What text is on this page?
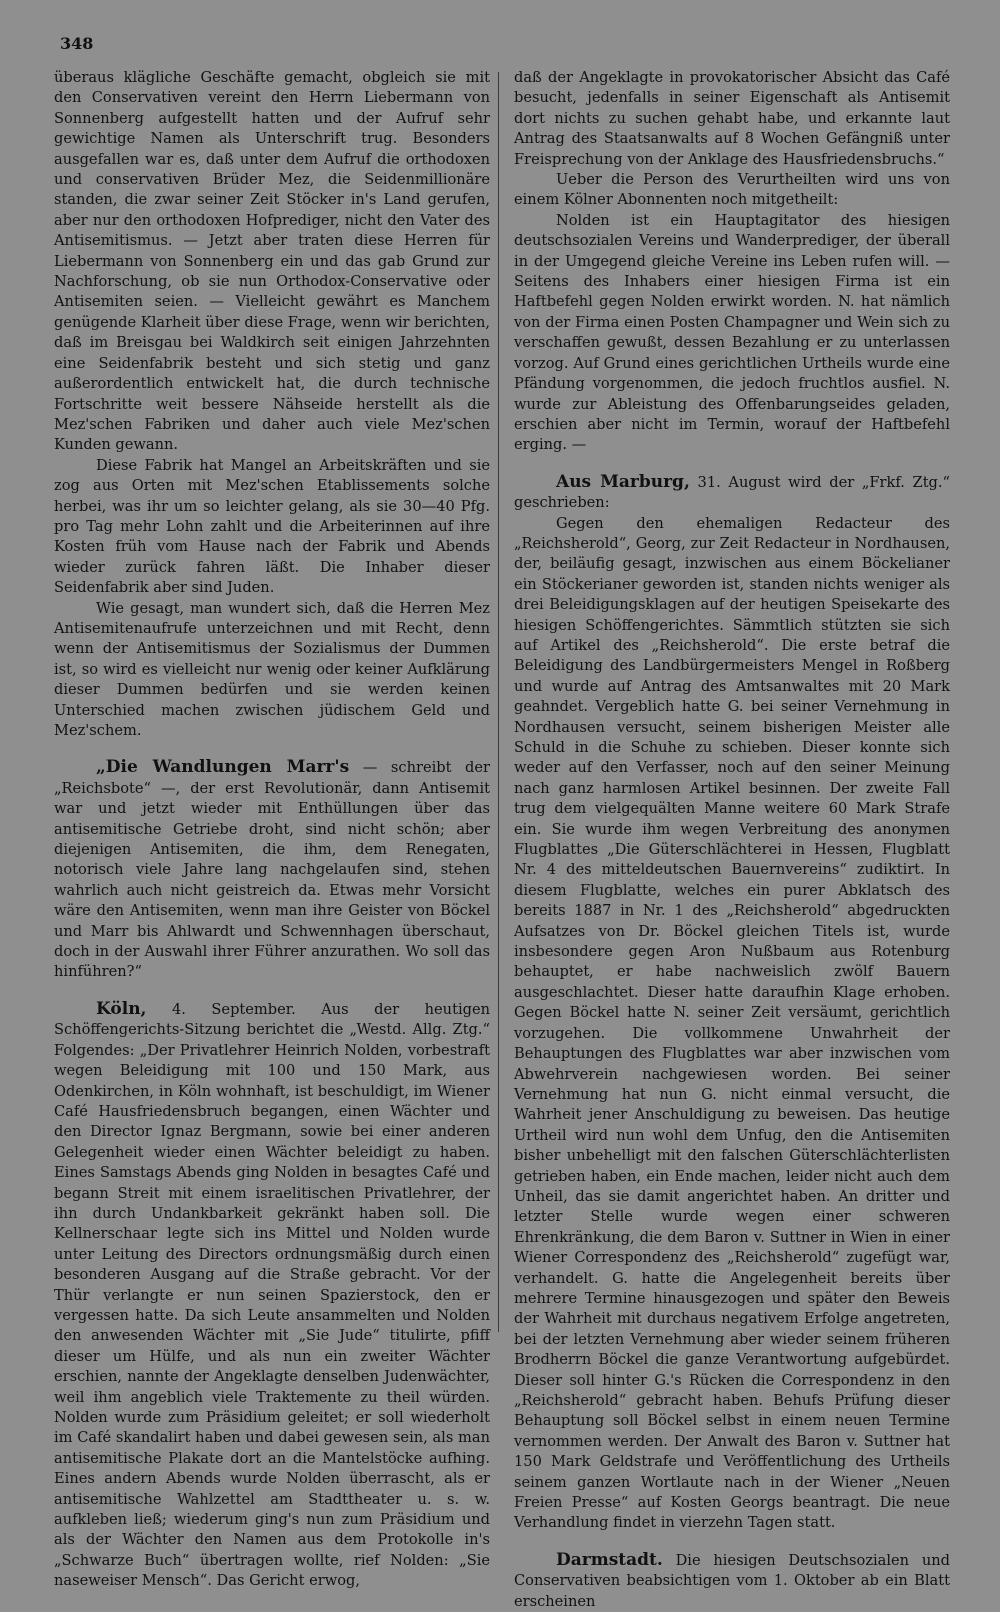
348

überaus klägliche Geschäfte gemacht, obgleich sie mit den Conservativen vereint den Herrn Liebermann von Sonnenberg aufgestellt hatten und der Aufruf sehr gewichtige Namen als Unterschrift trug. Besonders ausgefallen war es, daß unter dem Aufruf die orthodoxen und conservativen Brüder Mez, die Seidenmillionäre standen, die zwar seiner Zeit Stöcker in's Land gerufen, aber nur den orthodoxen Hofprediger, nicht den Vater des Antisemitismus. — Jetzt aber traten diese Herren für Liebermann von Sonnenberg ein und das gab Grund zur Nachforschung, ob sie nun Orthodox-Conservative oder Antisemiten seien. — Vielleicht gewährt es Manchem genügende Klarheit über diese Frage, wenn wir berichten, daß im Breisgau bei Waldkirch seit einigen Jahrzehnten eine Seidenfabrik besteht und sich stetig und ganz außerordentlich entwickelt hat, die durch technische Fortschritte weit bessere Nähseide herstellt als die Mez'schen Fabriken und daher auch viele Mez'schen Kunden gewann.

Diese Fabrik hat Mangel an Arbeitskräften und sie zog aus Orten mit Mez'schen Etablissements solche herbei, was ihr um so leichter gelang, als sie 30—40 Pfg. pro Tag mehr Lohn zahlt und die Arbeiterinnen auf ihre Kosten früh vom Hause nach der Fabrik und Abends wieder zurück fahren läßt. Die Inhaber dieser Seidenfabrik aber sind Juden.

Wie gesagt, man wundert sich, daß die Herren Mez Antisemitenaufrufe unterzeichnen und mit Recht, denn wenn der Antisemitismus der Sozialismus der Dummen ist, so wird es vielleicht nur wenig oder keiner Aufklärung dieser Dummen bedürfen und sie werden keinen Unterschied machen zwischen jüdischem Geld und Mez'schem.

„Die Wandlungen Marr's — schreibt der „Reichsbote“ —, der erst Revolutionär, dann Antisemit war und jetzt wieder mit Enthüllungen über das antisemitische Getriebe droht, sind nicht schön; aber diejenigen Antisemiten, die ihm, dem Renegaten, notorisch viele Jahre lang nachgelaufen sind, stehen wahrlich auch nicht geistreich da. Etwas mehr Vorsicht wäre den Antisemiten, wenn man ihre Geister von Böckel und Marr bis Ahlwardt und Schwennhagen überschaut, doch in der Auswahl ihrer Führer anzurathen. Wo soll das hinführen?“

Köln, 4. September. Aus der heutigen Schöffengerichts-Sitzung berichtet die „Westd. Allg. Ztg.“ Folgendes: „Der Privatlehrer Heinrich Nolden, vorbestraft wegen Beleidigung mit 100 und 150 Mark, aus Odenkirchen, in Köln wohnhaft, ist beschuldigt, im Wiener Café Hausfriedensbruch begangen, einen Wächter und den Director Ignaz Bergmann, sowie bei einer anderen Gelegenheit wieder einen Wächter beleidigt zu haben. Eines Samstags Abends ging Nolden in besagtes Café und begann Streit mit einem israelitischen Privatlehrer, der ihn durch Undankbarkeit gekränkt haben soll. Die Kellnerschaar legte sich ins Mittel und Nolden wurde unter Leitung des Directors ordnungsmäßig durch einen besonderen Ausgang auf die Straße gebracht. Vor der Thür verlangte er nun seinen Spazierstock, den er vergessen hatte. Da sich Leute ansammelten und Nolden den anwesenden Wächter mit „Sie Jude“ titulirte, pfiff dieser um Hülfe, und als nun ein zweiter Wächter erschien, nannte der Angeklagte denselben Judenwächter, weil ihm angeblich viele Traktemente zu theil würden. Nolden wurde zum Präsidium geleitet; er soll wiederholt im Café skandalirt haben und dabei gewesen sein, als man antisemitische Plakate dort an die Mantelstöcke aufhing. Eines andern Abends wurde Nolden überrascht, als er antisemitische Wahlzettel am Stadttheater u. s. w. aufkleben ließ; wiederum ging's nun zum Präsidium und als der Wächter den Namen aus dem Protokolle in's „Schwarze Buch“ übertragen wollte, rief Nolden: „Sie naseweiser Mensch“. Das Gericht erwog,

daß der Angeklagte in provokatorischer Absicht das Café besucht, jedenfalls in seiner Eigenschaft als Antisemit dort nichts zu suchen gehabt habe, und erkannte laut Antrag des Staatsanwalts auf 8 Wochen Gefängniß unter Freisprechung von der Anklage des Hausfriedensbruchs.“

Ueber die Person des Verurtheilten wird uns von einem Kölner Abonnenten noch mitgetheilt:

Nolden ist ein Hauptagitator des hiesigen deutschsozialen Vereins und Wanderprediger, der überall in der Umgegend gleiche Vereine ins Leben rufen will. — Seitens des Inhabers einer hiesigen Firma ist ein Haftbefehl gegen Nolden erwirkt worden. N. hat nämlich von der Firma einen Posten Champagner und Wein sich zu verschaffen gewußt, dessen Bezahlung er zu unterlassen vorzog. Auf Grund eines gerichtlichen Urtheils wurde eine Pfändung vorgenommen, die jedoch fruchtlos ausfiel. N. wurde zur Ableistung des Offenbarungseides geladen, erschien aber nicht im Termin, worauf der Haftbefehl erging. —

Aus Marburg, 31. August wird der „Frkf. Ztg.“ geschrieben:

Gegen den ehemaligen Redacteur des „Reichsherold“, Georg, zur Zeit Redacteur in Nordhausen, der, beiläufig gesagt, inzwischen aus einem Böckelianer ein Stöckerianer geworden ist, standen nichts weniger als drei Beleidigungsklagen auf der heutigen Speisekarte des hiesigen Schöffengerichtes. Sämmtlich stützten sie sich auf Artikel des „Reichsherold“. Die erste betraf die Beleidigung des Landbürgermeisters Mengel in Roßberg und wurde auf Antrag des Amtsanwaltes mit 20 Mark geahndet. Vergeblich hatte G. bei seiner Vernehmung in Nordhausen versucht, seinem bisherigen Meister alle Schuld in die Schuhe zu schieben. Dieser konnte sich weder auf den Verfasser, noch auf den seiner Meinung nach ganz harmlosen Artikel besinnen. Der zweite Fall trug dem vielgequälten Manne weitere 60 Mark Strafe ein. Sie wurde ihm wegen Verbreitung des anonymen Flugblattes „Die Güterschlächterei in Hessen, Flugblatt Nr. 4 des mitteldeutschen Bauernvereins“ zudiktirt. In diesem Flugblatte, welches ein purer Abklatsch des bereits 1887 in Nr. 1 des „Reichsherold“ abgedruckten Aufsatzes von Dr. Böckel gleichen Titels ist, wurde insbesondere gegen Aron Nußbaum aus Rotenburg behauptet, er habe nachweislich zwölf Bauern ausgeschlachtet. Dieser hatte daraufhin Klage erhoben. Gegen Böckel hatte N. seiner Zeit versäumt, gerichtlich vorzugehen. Die vollkommene Unwahrheit der Behauptungen des Flugblattes war aber inzwischen vom Abwehrverein nachgewiesen worden. Bei seiner Vernehmung hat nun G. nicht einmal versucht, die Wahrheit jener Anschuldigung zu beweisen. Das heutige Urtheil wird nun wohl dem Unfug, den die Antisemiten bisher unbehelligt mit den falschen Güterschlächterlisten getrieben haben, ein Ende machen, leider nicht auch dem Unheil, das sie damit angerichtet haben. An dritter und letzter Stelle wurde wegen einer schweren Ehrenkränkung, die dem Baron v. Suttner in Wien in einer Wiener Correspondenz des „Reichsherold“ zugefügt war, verhandelt. G. hatte die Angelegenheit bereits über mehrere Termine hinausgezogen und später den Beweis der Wahrheit mit durchaus negativem Erfolge angetreten, bei der letzten Vernehmung aber wieder seinem früheren Brodherrn Böckel die ganze Verantwortung aufgebürdet. Dieser soll hinter G.'s Rücken die Correspondenz in den „Reichsherold“ gebracht haben. Behufs Prüfung dieser Behauptung soll Böckel selbst in einem neuen Termine vernommen werden. Der Anwalt des Baron v. Suttner hat 150 Mark Geldstrafe und Veröffentlichung des Urtheils seinem ganzen Wortlaute nach in der Wiener „Neuen Freien Presse“ auf Kosten Georgs beantragt. Die neue Verhandlung findet in vierzehn Tagen statt.

Darmstadt. Die hiesigen Deutschsozialen und Conservativen beabsichtigen vom 1. Oktober ab ein Blatt erscheinen
